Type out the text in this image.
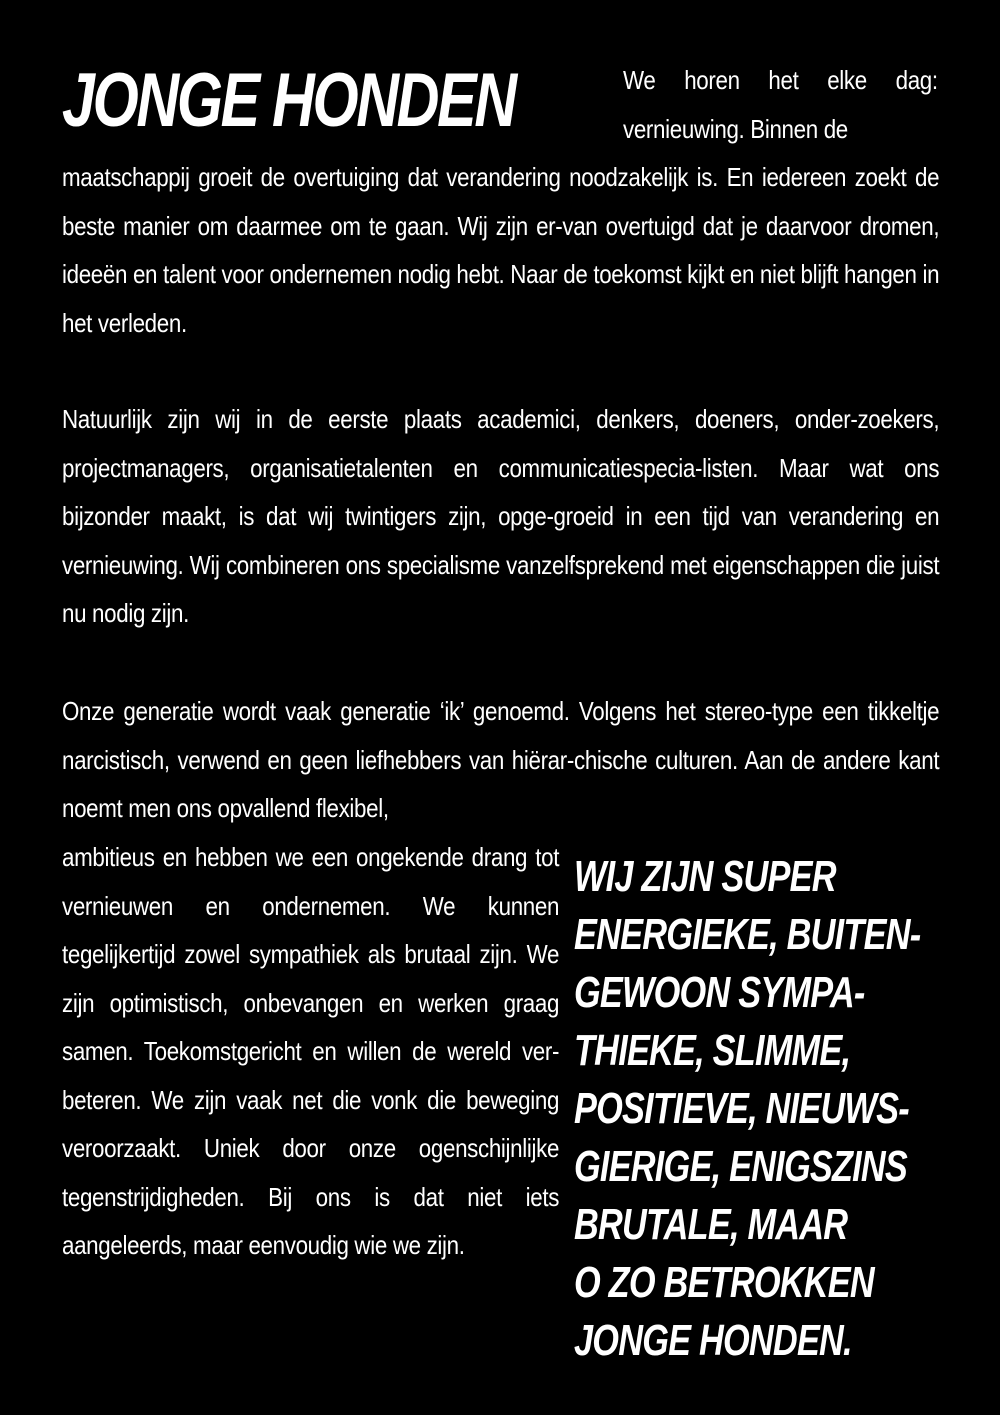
JONGE HONDEN	We horen het elke dag: vernieuwing. Binnen de

maatschappij groeit de overtuiging dat verandering noodzakelijk is. En iedereen zoekt de beste manier om daarmee om te gaan. Wij zijn er-van overtuigd dat je daarvoor dromen, ideeën en talent voor ondernemen nodig hebt. Naar de toekomst kijkt en niet blijft hangen in het verleden.

Natuurlijk zijn wij in de eerste plaats academici, denkers, doeners, onder-zoekers, projectmanagers, organisatietalenten en communicatiespecia-listen. Maar wat ons bijzonder maakt, is dat wij twintigers zijn, opge-groeid in een tijd van verandering en vernieuwing. Wij combineren ons specialisme vanzelfsprekend met eigenschappen die juist nu nodig zijn.

Onze generatie wordt vaak generatie ‘ik’ genoemd. Volgens het stereo-type een tikkeltje narcistisch, verwend en geen liefhebbers van hiërar-chische culturen. Aan de andere kant noemt men ons opvallend flexibel,

ambitieus en hebben we een ongekende drang tot vernieuwen en ondernemen. We kunnen tegelijkertijd zowel sympathiek als brutaal zijn. We zijn optimistisch, onbevangen en werken graag samen. Toekomstgericht en willen de wereld ver-beteren. We zijn vaak net die vonk die beweging veroorzaakt. Uniek door onze ogenschijnlijke tegenstrijdigheden. Bij ons is dat niet iets aangeleerds, maar eenvoudig wie we zijn.

WIJ ZIJN SUPER
ENERGIEKE, BUITEN-
GEWOON SYMPA-
THIEKE, SLIMME,
POSITIEVE, NIEUWS-
GIERIGE, ENIGSZINS
BRUTALE, MAAR
O ZO BETROKKEN
JONGE HONDEN.
